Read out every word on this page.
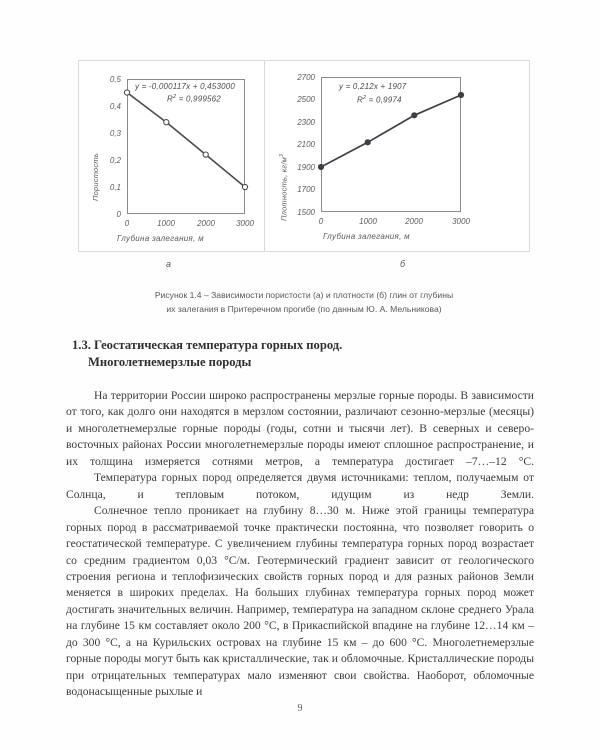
Пористость
0,5
0,4
0,3
0,2
0,1
0
y = -0,000117x + 0,453000
$R^2 = 0,999562$
0	1000	2000	3000
Глубина залегания, м
Плотность, $кг/м^3$
2700
2500
2300
2100
1900
1700
1500
y = 0,212x + 1907
$R^2 = 0,9974$
0	1000	2000	3000
Глубина залегания, м
а	б
Рисунок 1.4 – Зависимости пористости (а) и плотности (б) глин от глубины
их залегания в Притеречном прогибе (по данным Ю. А. Мельникова)
1.3. Геостатическая температура горных пород.
Многолетнемерзлые породы

На территории России широко распространены мерзлые горные породы. В зависимости от того, как долго они находятся в мерзлом состоянии, различают сезонно-мерзлые (месяцы) и многолетнемерзлые горные породы (годы, сотни и тысячи лет). В северных и северо-восточных районах России многолетнемерзлые породы имеют сплошное распространение, и их толщина измеряется сотнями метров, а температура достигает –7…–12 °С.

Температура горных пород определяется двумя источниками: теплом, получаемым от Солнца, и тепловым потоком, идущим из недр Земли.

Солнечное тепло проникает на глубину 8…30 м. Ниже этой границы температура горных пород в рассматриваемой точке практически постоянна, что позволяет говорить о геостатической температуре. С увеличением глубины температура горных пород возрастает со средним градиентом 0,03 °С/м. Геотермический градиент зависит от геологического строения региона и теплофизических свойств горных пород и для разных районов Земли меняется в широких пределах. На больших глубинах температура горных пород может достигать значительных величин. Например, температура на западном склоне среднего Урала на глубине 15 км составляет около 200 °С, в Прикаспийской впадине на глубине 12…14 км – до 300 °С, а на Курильских островах на глубине 15 км – до 600 °С. Многолетнемерзлые горные породы могут быть как кристаллические, так и обломочные. Кристаллические породы при отрицательных температурах мало изменяют свои свойства. Наоборот, обломочные водонасыщенные рыхлые и

9
